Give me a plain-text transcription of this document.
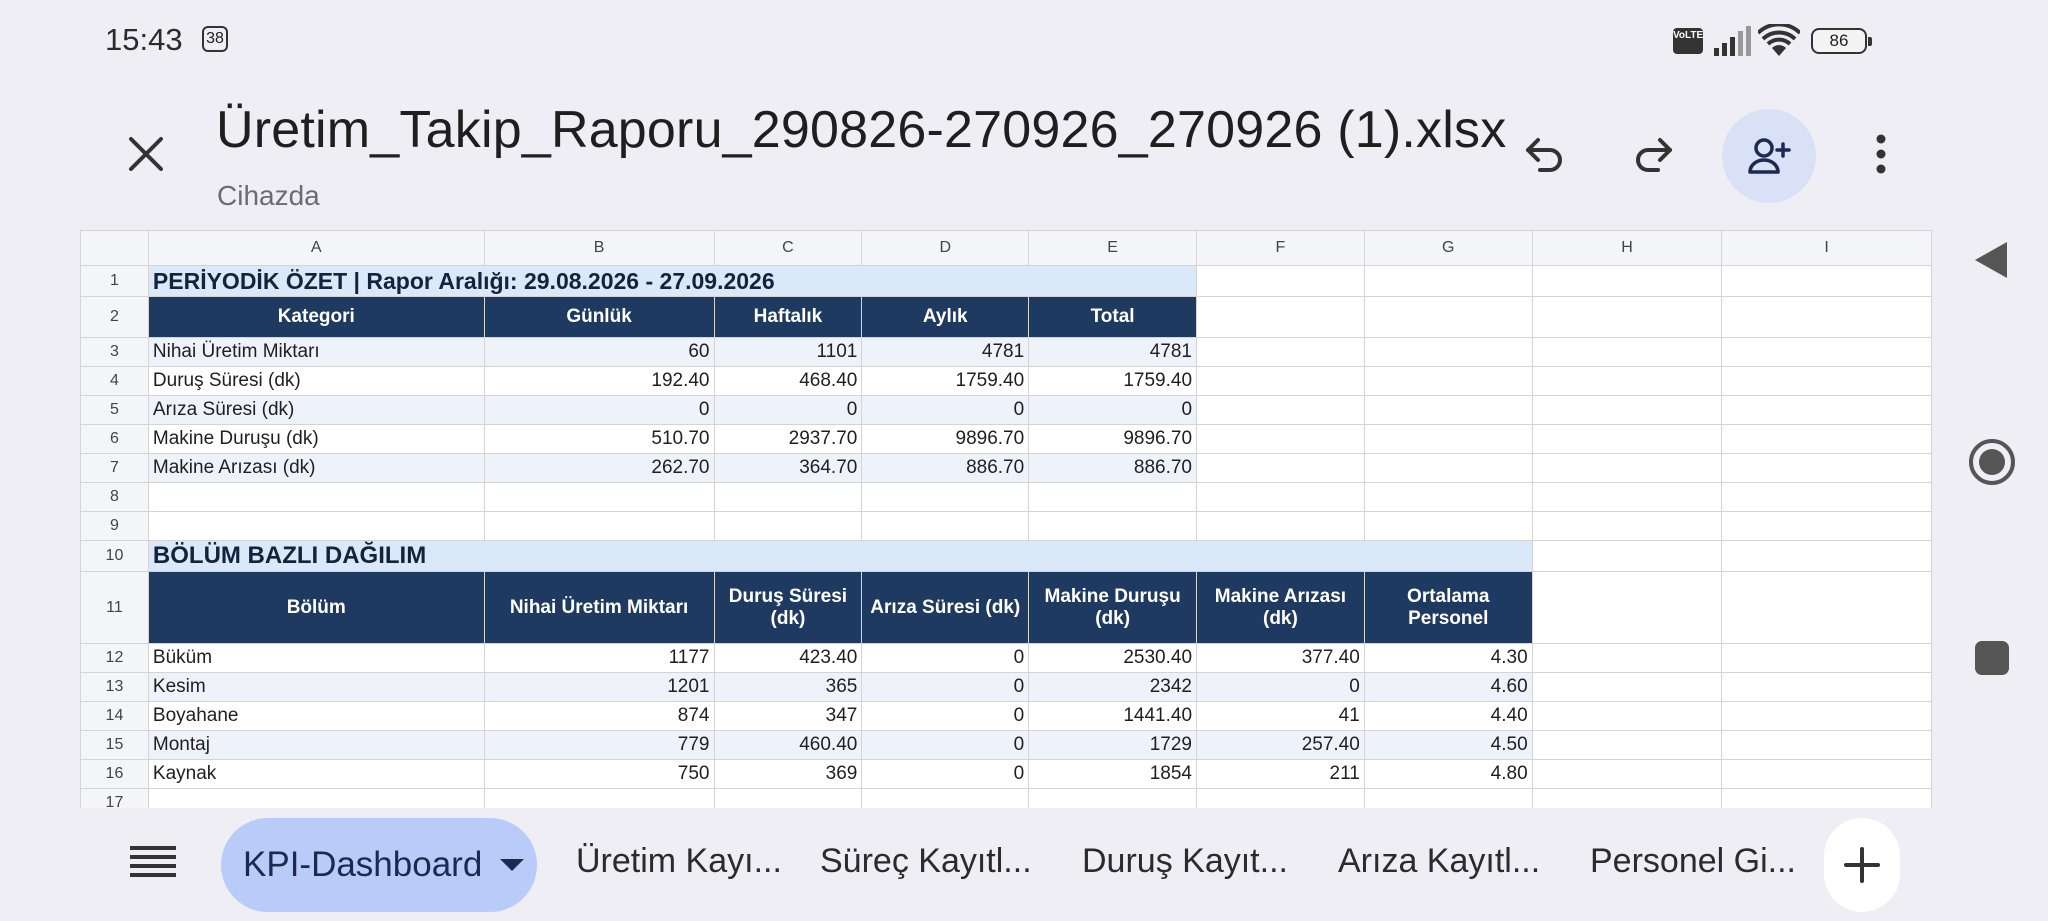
15:43 38	VoLTE	86
Üretim_Takip_Raporu_290826-270926_270926 (1).xlsx
Cihazda
	A	B	C	D	E	F	G	H	I
1	PERİYODİK ÖZET | Rapor Aralığı: 29.08.2026 - 27.09.2026								
2	Kategori	Günlük	Haftalık	Aylık	Total				
3	Nihai Üretim Miktarı	60	1101	4781	4781				
4	Duruş Süresi (dk)	192.40	468.40	1759.40	1759.40				
5	Arıza Süresi (dk)	0	0	0	0				
6	Makine Duruşu (dk)	510.70	2937.70	9896.70	9896.70				
7	Makine Arızası (dk)	262.70	364.70	886.70	886.70				
8									
9									
10	BÖLÜM BAZLI DAĞILIM								
11	Bölüm	Nihai Üretim Miktarı	Duruş Süresi (dk)	Arıza Süresi (dk)	Makine Duruşu (dk)	Makine Arızası (dk)	Ortalama Personel		
12	Büküm	1177	423.40	0	2530.40	377.40	4.30		
13	Kesim	1201	365	0	2342	0	4.60		
14	Boyahane	874	347	0	1441.40	41	4.40		
15	Montaj	779	460.40	0	1729	257.40	4.50		
16	Kaynak	750	369	0	1854	211	4.80		
17									
KPI-Dashboard	Üretim Kayı... Süreç Kayıtl... Duruş Kayıt... Arıza Kayıtl... Personel Gi...
